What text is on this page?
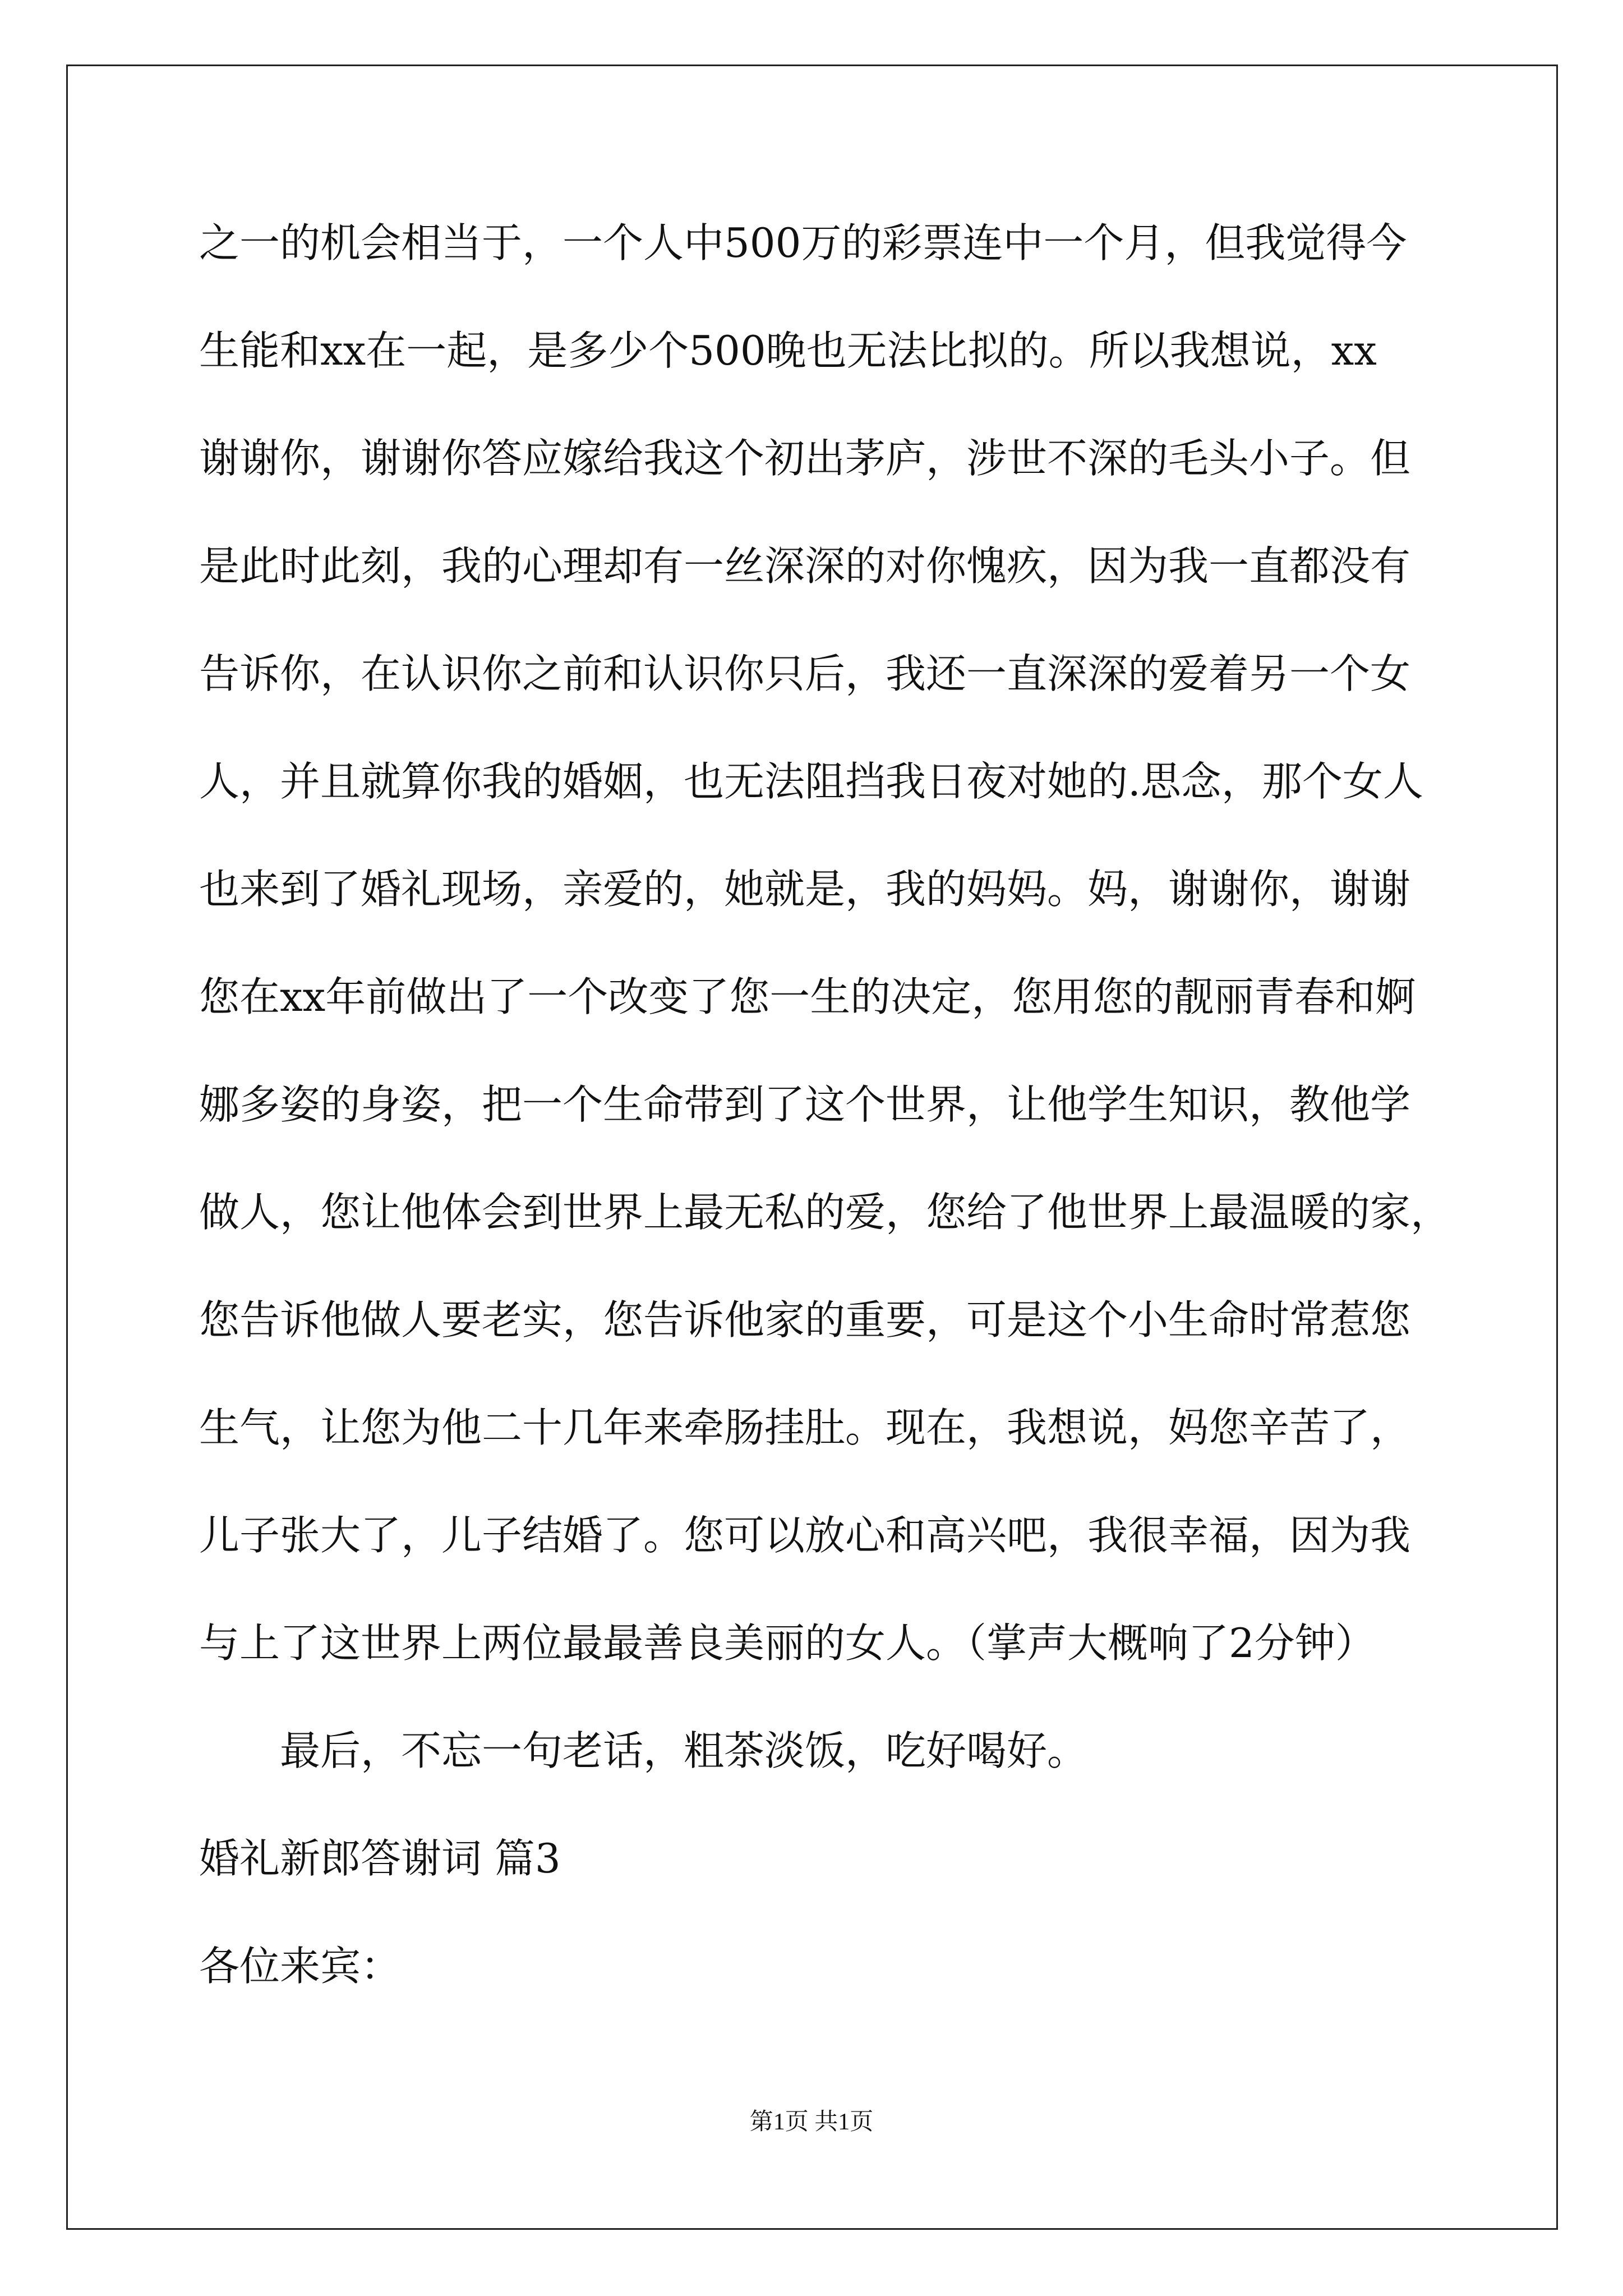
之一的机会相当于，一个人中500万的彩票连中一个月，但我觉得今
生能和xx在一起，是多少个500晚也无法比拟的。所以我想说，xx
谢谢你，谢谢你答应嫁给我这个初出茅庐，涉世不深的毛头小子。但
是此时此刻，我的心理却有一丝深深的对你愧疚，因为我一直都没有
告诉你，在认识你之前和认识你只后，我还一直深深的爱着另一个女
人，并且就算你我的婚姻，也无法阻挡我日夜对她的.思念，那个女人
也来到了婚礼现场，亲爱的，她就是，我的妈妈。妈，谢谢你，谢谢
您在xx年前做出了一个改变了您一生的决定，您用您的靓丽青春和婀
娜多姿的身姿，把一个生命带到了这个世界，让他学生知识，教他学
做人，您让他体会到世界上最无私的爱，您给了他世界上最温暖的家，
您告诉他做人要老实，您告诉他家的重要，可是这个小生命时常惹您
生气，让您为他二十几年来牵肠挂肚。现在，我想说，妈您辛苦了，
儿子张大了，儿子结婚了。您可以放心和高兴吧，我很幸福，因为我
与上了这世界上两位最最善良美丽的女人。（掌声大概响了2分钟）
最后，不忘一句老话，粗茶淡饭，吃好喝好。
婚礼新郎答谢词 篇3
各位来宾：
第1页 共1页
